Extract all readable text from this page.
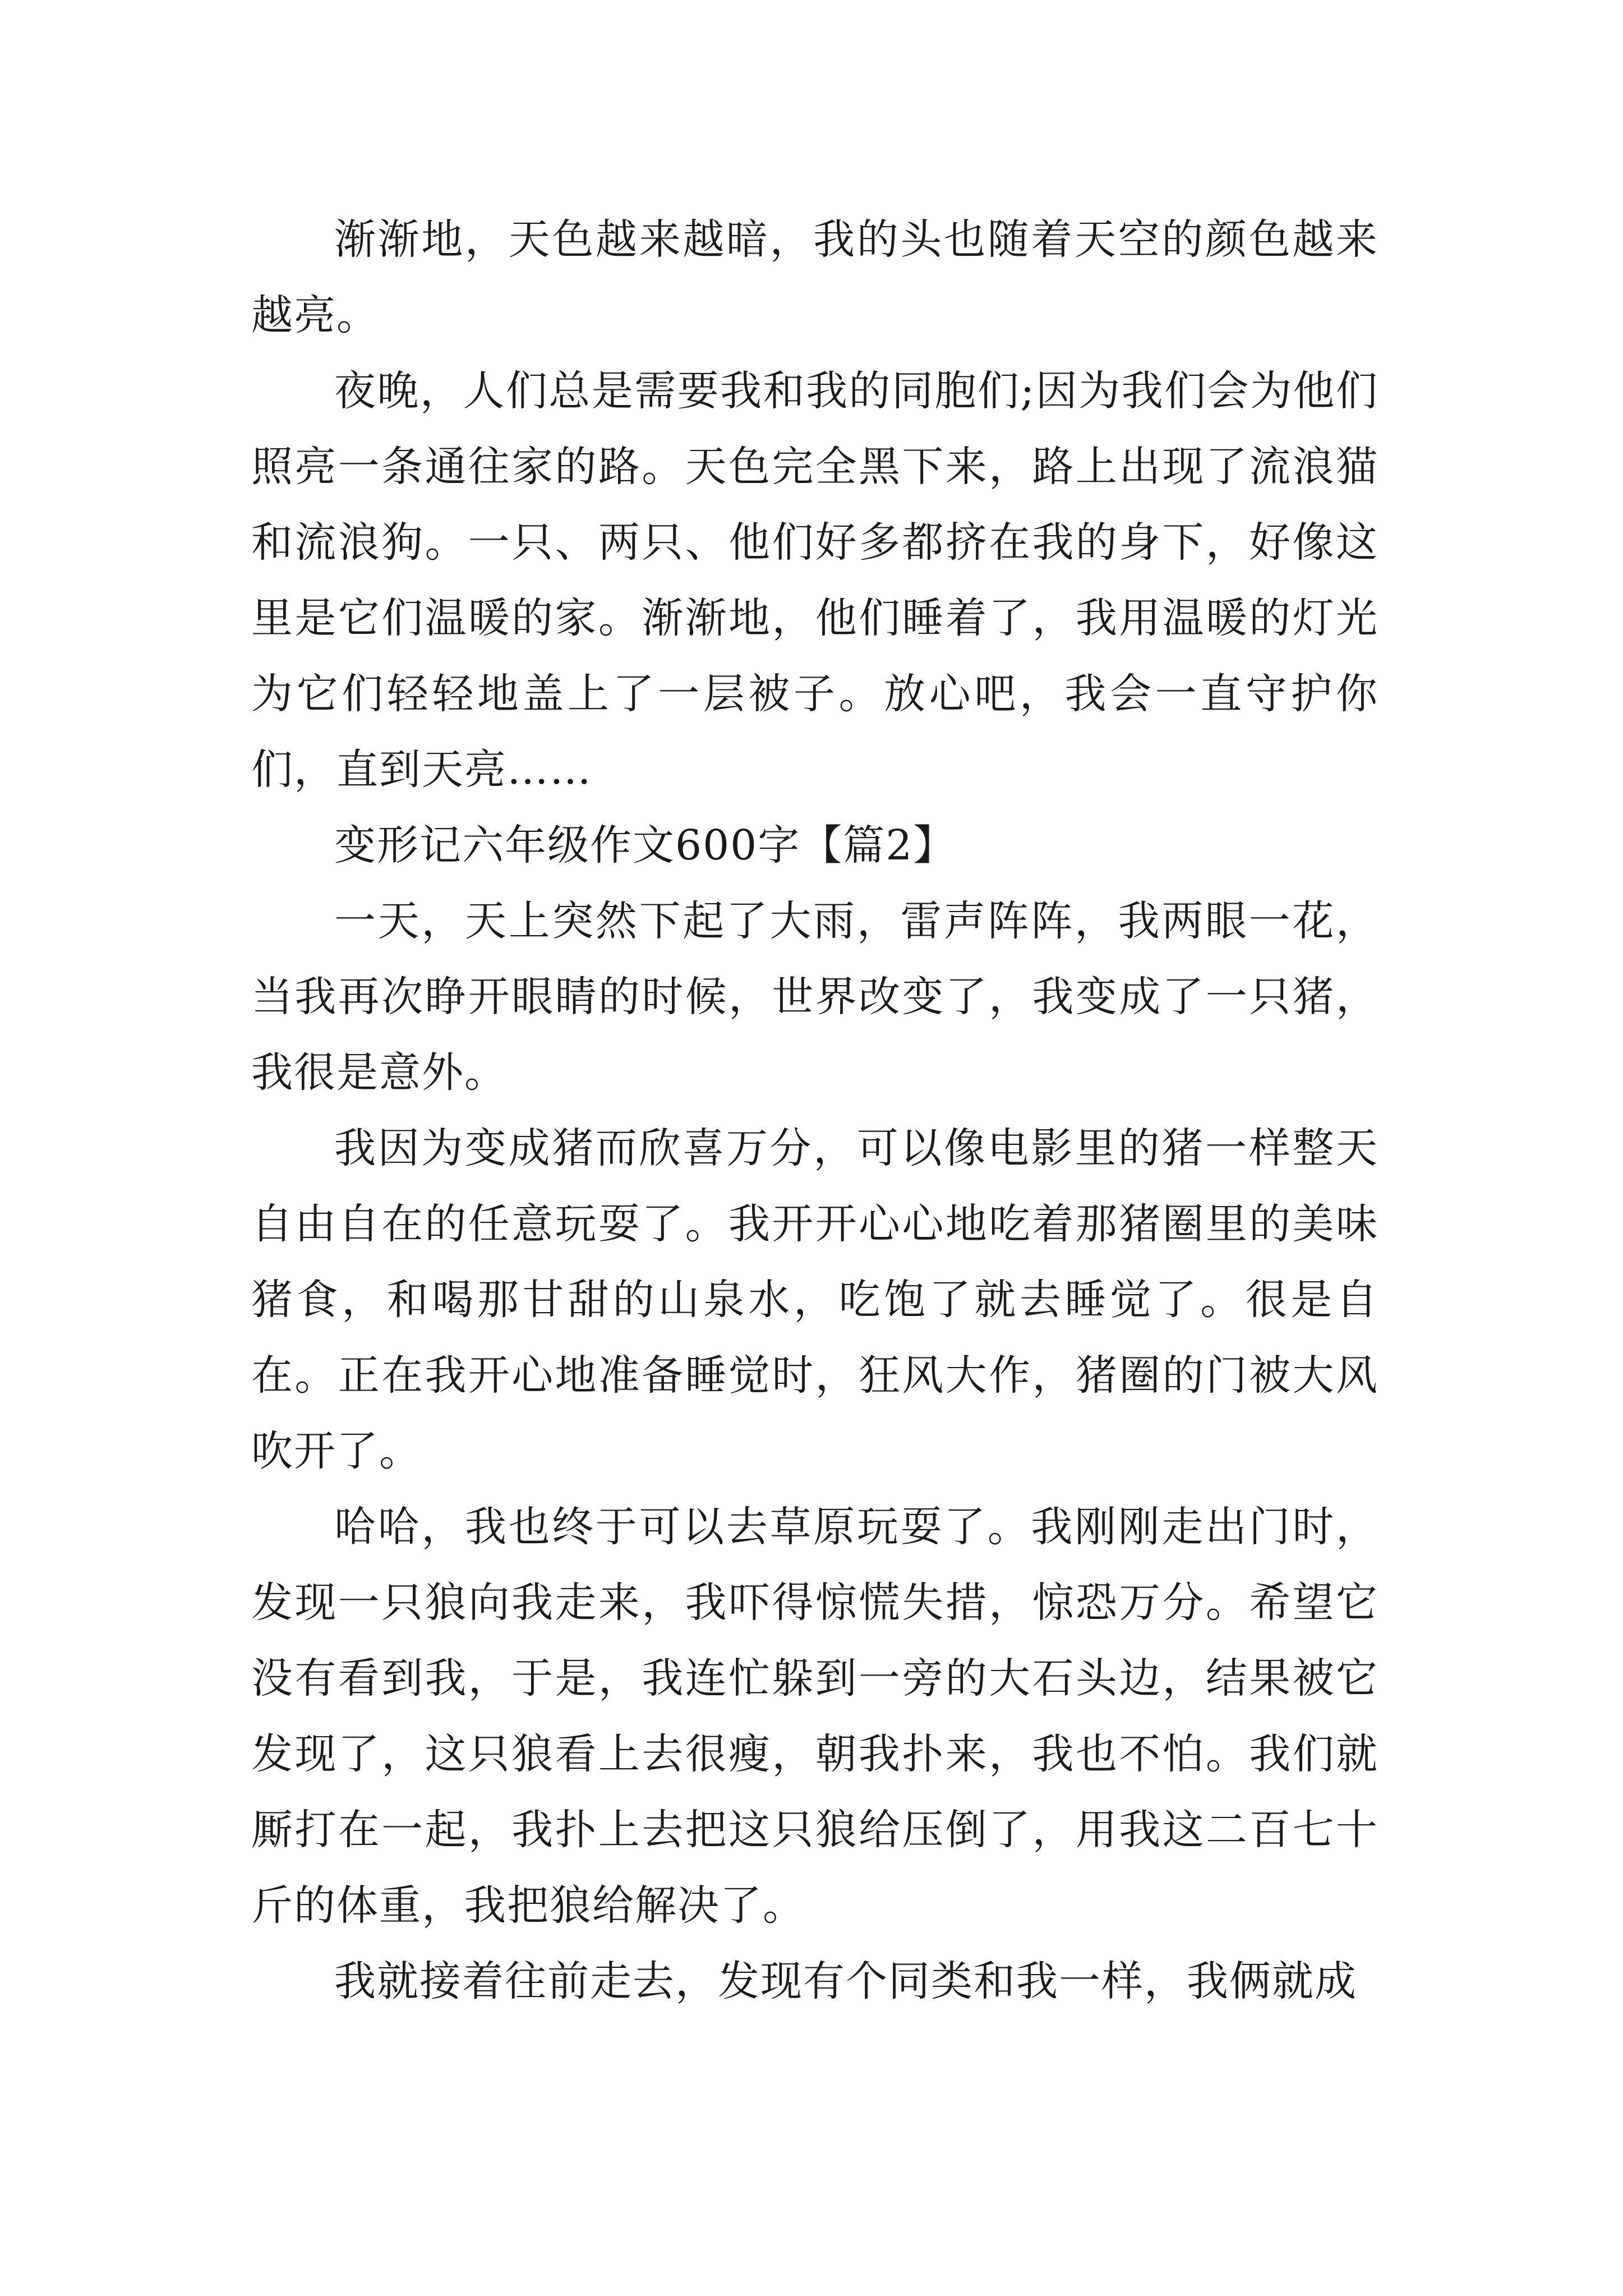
渐渐地，天色越来越暗，我的头也随着天空的颜色越来越亮。

夜晚，人们总是需要我和我的同胞们;因为我们会为他们照亮一条通往家的路。天色完全黑下来，路上出现了流浪猫和流浪狗。一只、两只、他们好多都挤在我的身下，好像这里是它们温暖的家。渐渐地，他们睡着了，我用温暖的灯光为它们轻轻地盖上了一层被子。放心吧，我会一直守护你们，直到天亮……

变形记六年级作文600字【篇2】

一天，天上突然下起了大雨，雷声阵阵，我两眼一花，当我再次睁开眼睛的时候，世界改变了，我变成了一只猪，我很是意外。

我因为变成猪而欣喜万分，可以像电影里的猪一样整天自由自在的任意玩耍了。我开开心心地吃着那猪圈里的美味猪食，和喝那甘甜的山泉水，吃饱了就去睡觉了。很是自在。正在我开心地准备睡觉时，狂风大作，猪圈的门被大风吹开了。

哈哈，我也终于可以去草原玩耍了。我刚刚走出门时，发现一只狼向我走来，我吓得惊慌失措，惊恐万分。希望它没有看到我，于是，我连忙躲到一旁的大石头边，结果被它发现了，这只狼看上去很瘦，朝我扑来，我也不怕。我们就厮打在一起，我扑上去把这只狼给压倒了，用我这二百七十斤的体重，我把狼给解决了。

我就接着往前走去，发现有个同类和我一样，我俩就成
